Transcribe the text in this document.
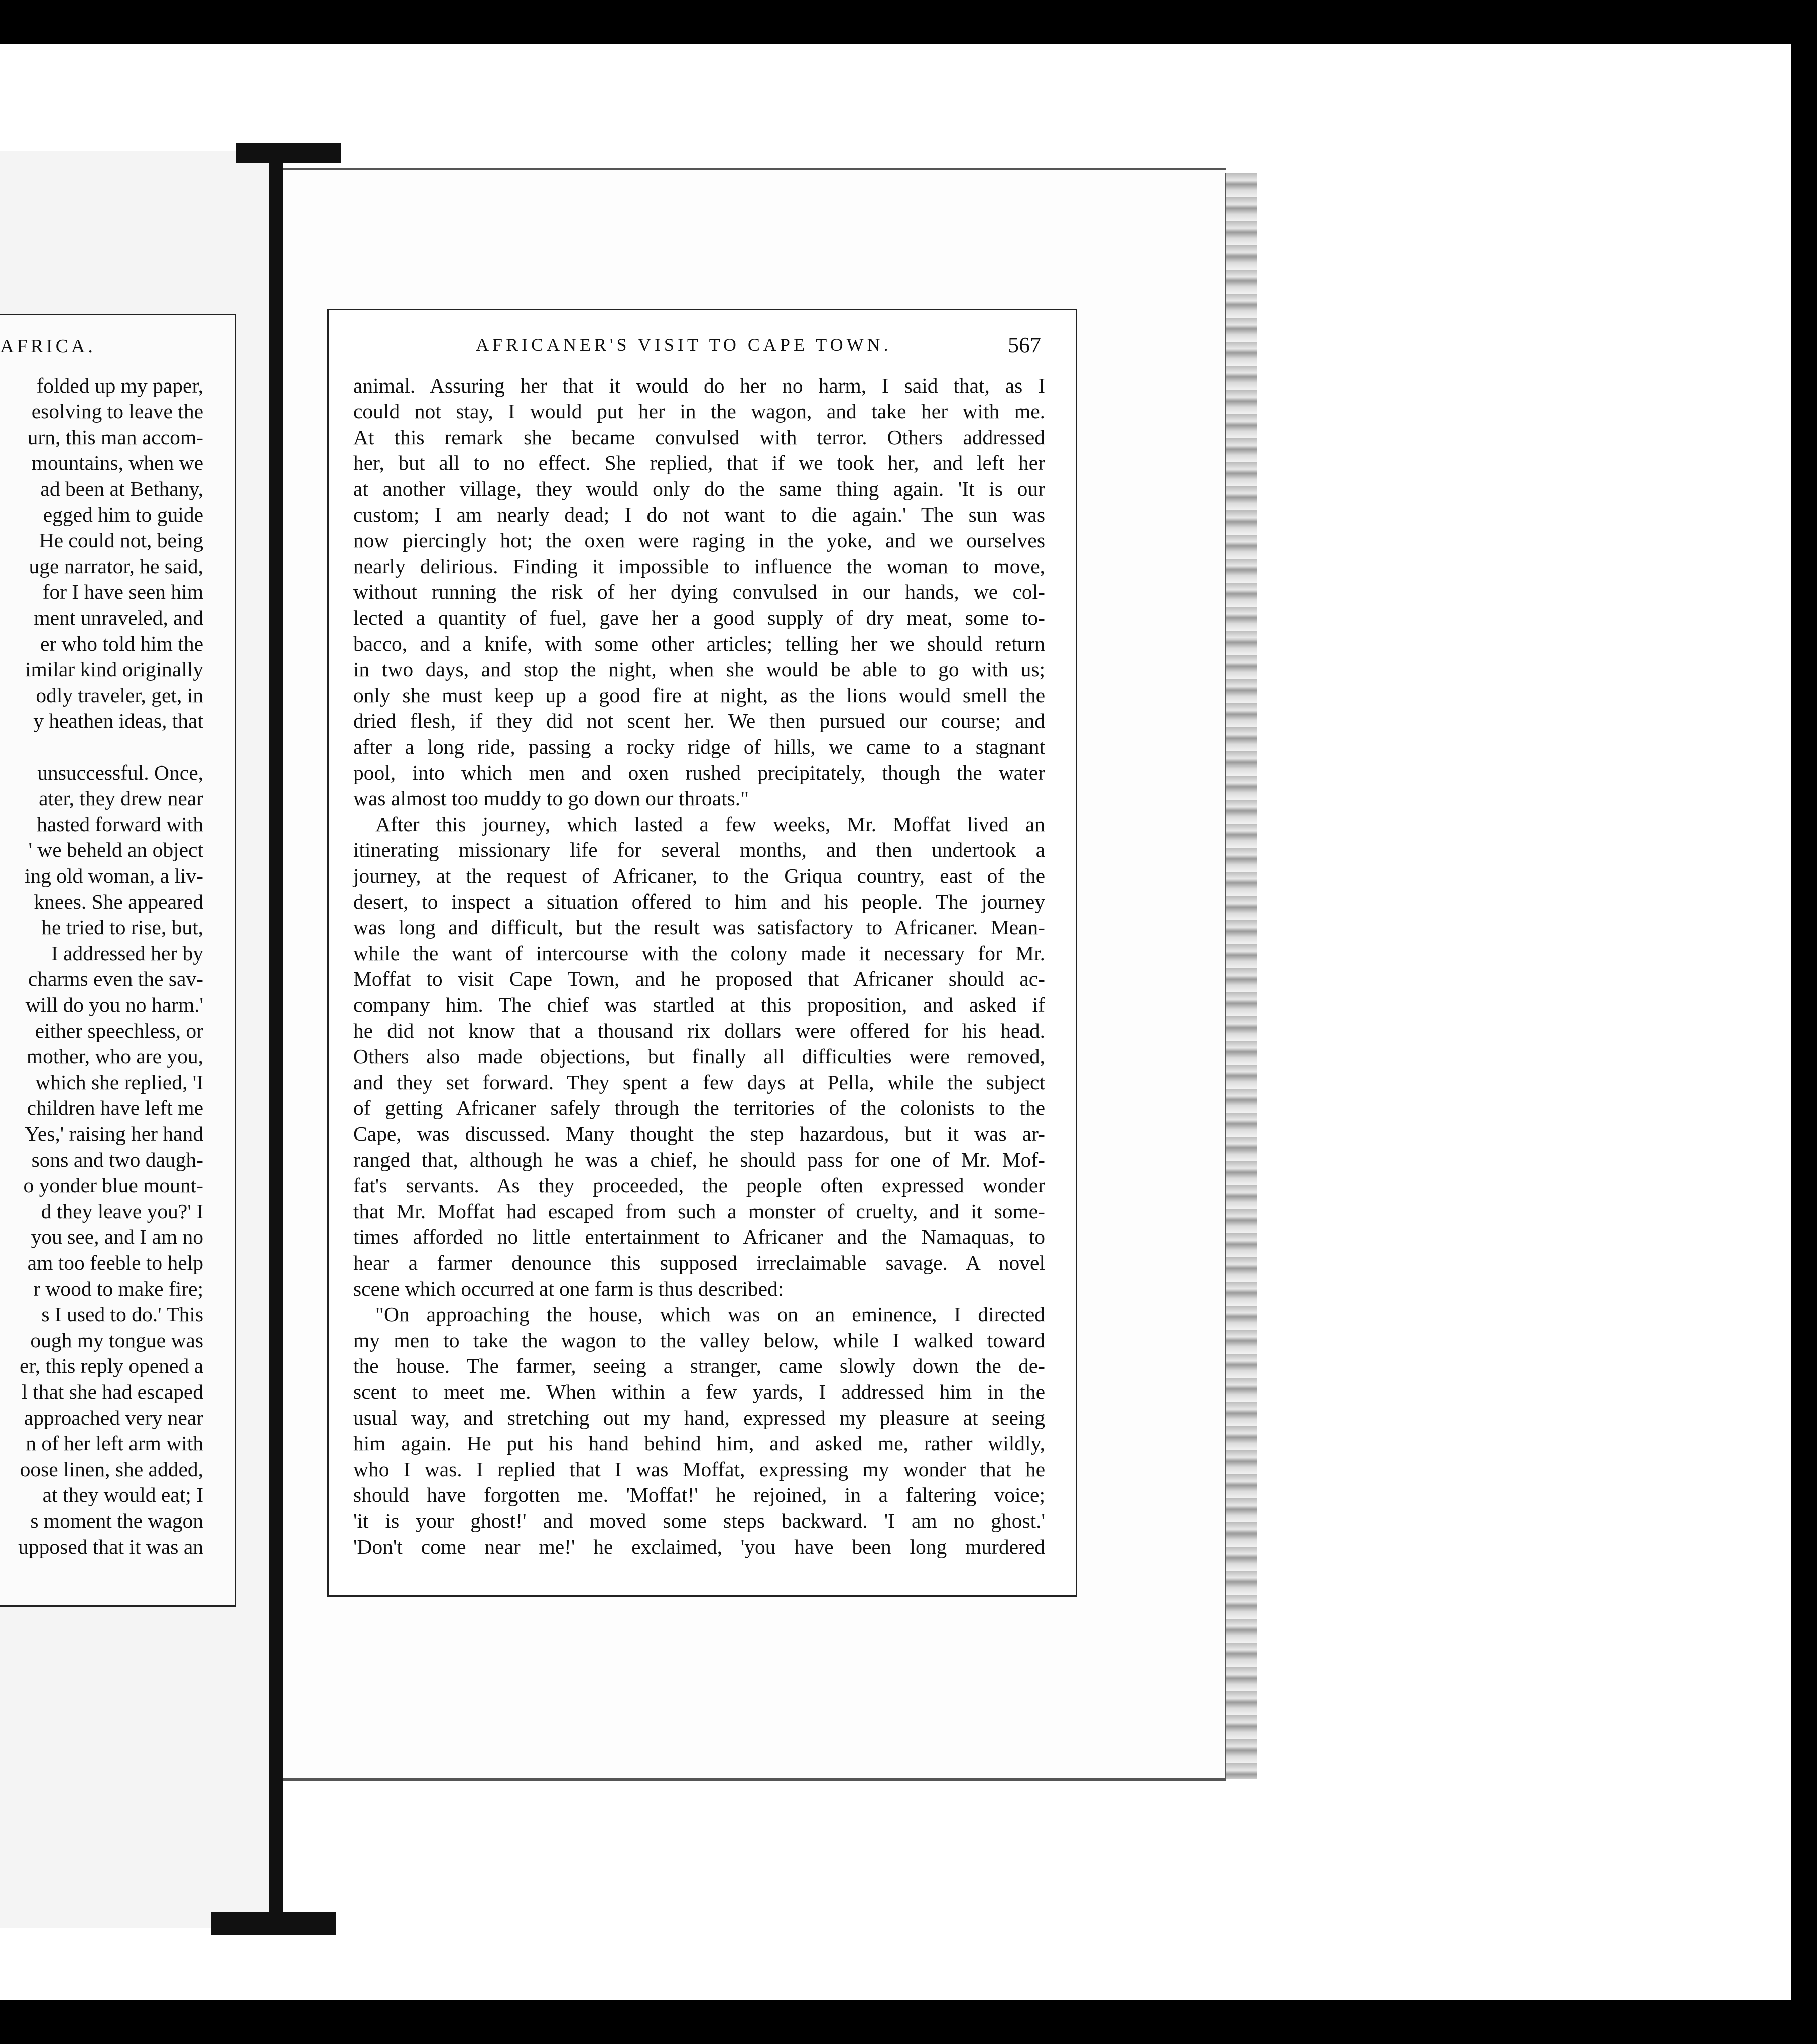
AFRICA.
folded up my paper,
esolving to leave the
urn, this man accom-
mountains, when we
ad been at Bethany,
egged him to guide
He could not, being
uge narrator, he said,
for I have seen him
ment unraveled, and
er who told him the
imilar kind originally
odly traveler, get, in
y heathen ideas, that
unsuccessful. Once,
ater, they drew near
hasted forward with
' we beheld an object
ing old woman, a liv-
knees. She appeared
he tried to rise, but,
I addressed her by
charms even the sav-
will do you no harm.'
either speechless, or
mother, who are you,
which she replied, 'I
children have left me
Yes,' raising her hand
sons and two daugh-
o yonder blue mount-
d they leave you?' I
you see, and I am no
am too feeble to help
r wood to make fire;
s I used to do.' This
ough my tongue was
er, this reply opened a
l that she had escaped
approached very near
n of her left arm with
oose linen, she added,
at they would eat; I
s moment the wagon
upposed that it was an
AFRICANER'S VISIT TO CAPE TOWN.	567
animal. Assuring her that it would do her no harm, I said that, as I
could not stay, I would put her in the wagon, and take her with me.
At this remark she became convulsed with terror. Others addressed
her, but all to no effect. She replied, that if we took her, and left her
at another village, they would only do the same thing again. 'It is our
custom; I am nearly dead; I do not want to die again.' The sun was
now piercingly hot; the oxen were raging in the yoke, and we ourselves
nearly delirious. Finding it impossible to influence the woman to move,
without running the risk of her dying convulsed in our hands, we col-
lected a quantity of fuel, gave her a good supply of dry meat, some to-
bacco, and a knife, with some other articles; telling her we should return
in two days, and stop the night, when she would be able to go with us;
only she must keep up a good fire at night, as the lions would smell the
dried flesh, if they did not scent her. We then pursued our course; and
after a long ride, passing a rocky ridge of hills, we came to a stagnant
pool, into which men and oxen rushed precipitately, though the water
was almost too muddy to go down our throats."
After this journey, which lasted a few weeks, Mr. Moffat lived an
itinerating missionary life for several months, and then undertook a
journey, at the request of Africaner, to the Griqua country, east of the
desert, to inspect a situation offered to him and his people. The journey
was long and difficult, but the result was satisfactory to Africaner. Mean-
while the want of intercourse with the colony made it necessary for Mr.
Moffat to visit Cape Town, and he proposed that Africaner should ac-
company him. The chief was startled at this proposition, and asked if
he did not know that a thousand rix dollars were offered for his head.
Others also made objections, but finally all difficulties were removed,
and they set forward. They spent a few days at Pella, while the subject
of getting Africaner safely through the territories of the colonists to the
Cape, was discussed. Many thought the step hazardous, but it was ar-
ranged that, although he was a chief, he should pass for one of Mr. Mof-
fat's servants. As they proceeded, the people often expressed wonder
that Mr. Moffat had escaped from such a monster of cruelty, and it some-
times afforded no little entertainment to Africaner and the Namaquas, to
hear a farmer denounce this supposed irreclaimable savage. A novel
scene which occurred at one farm is thus described:
"On approaching the house, which was on an eminence, I directed
my men to take the wagon to the valley below, while I walked toward
the house. The farmer, seeing a stranger, came slowly down the de-
scent to meet me. When within a few yards, I addressed him in the
usual way, and stretching out my hand, expressed my pleasure at seeing
him again. He put his hand behind him, and asked me, rather wildly,
who I was. I replied that I was Moffat, expressing my wonder that he
should have forgotten me. 'Moffat!' he rejoined, in a faltering voice;
'it is your ghost!' and moved some steps backward. 'I am no ghost.'
'Don't come near me!' he exclaimed, 'you have been long murdered
